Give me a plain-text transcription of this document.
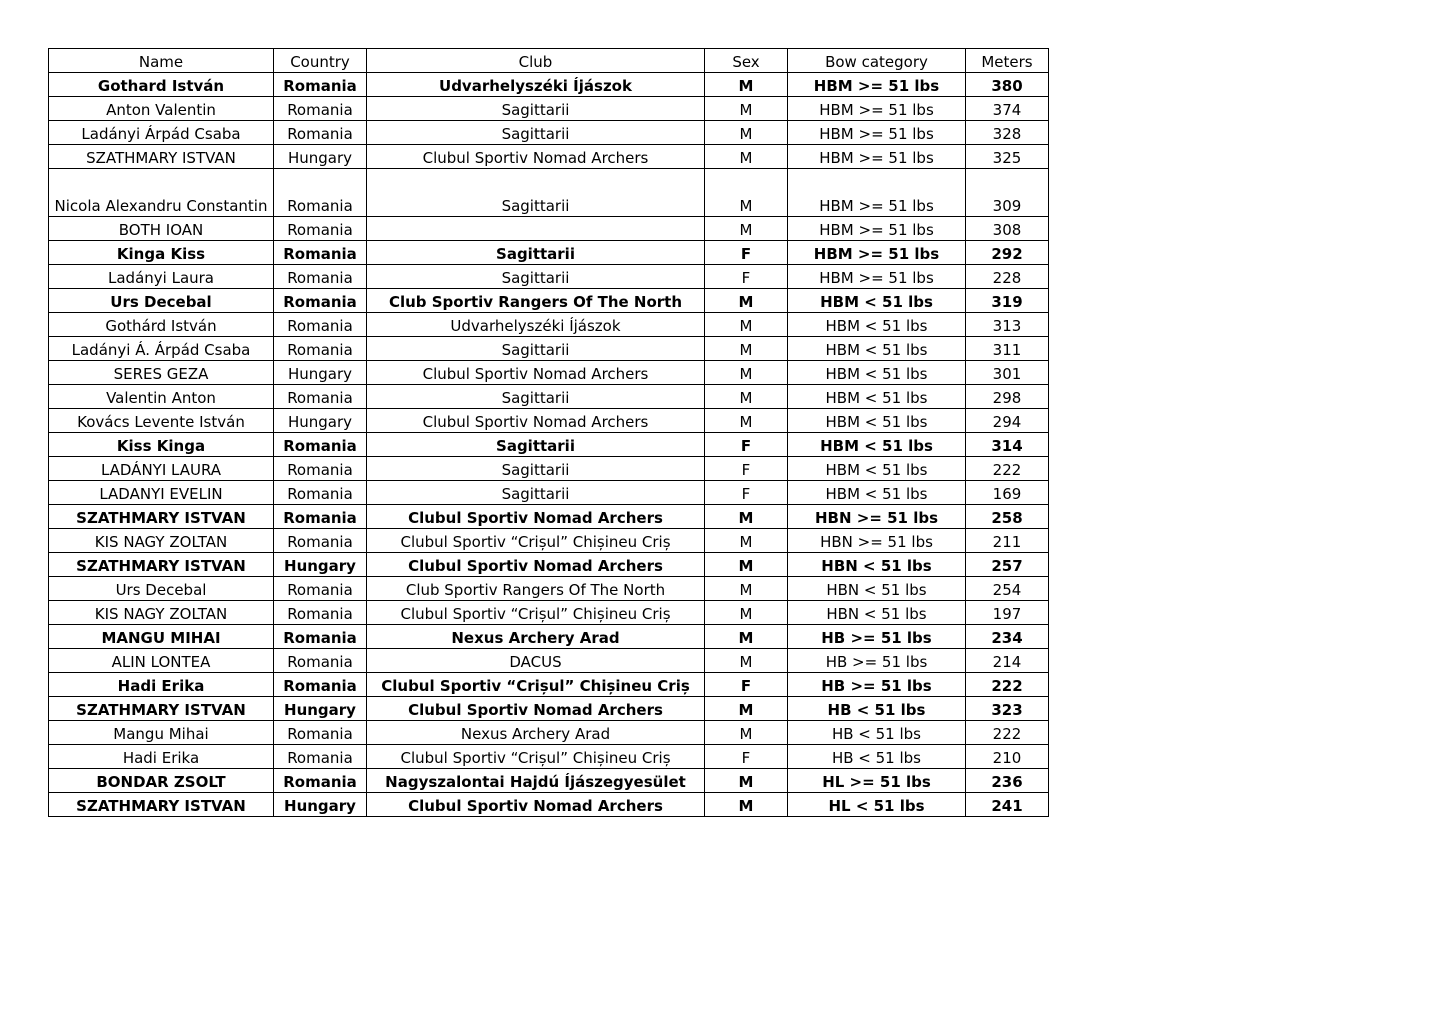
Name	Country	Club	Sex	Bow category	Meters
Gothard István	Romania	Udvarhelyszéki Íjászok	M	HBM >= 51 lbs	380
Anton Valentin	Romania	Sagittarii	M	HBM >= 51 lbs	374
Ladányi Árpád Csaba	Romania	Sagittarii	M	HBM >= 51 lbs	328
SZATHMARY ISTVAN	Hungary	Clubul Sportiv Nomad Archers	M	HBM >= 51 lbs	325
Nicola Alexandru Constantin	Romania	Sagittarii	M	HBM >= 51 lbs	309
BOTH IOAN	Romania		M	HBM >= 51 lbs	308
Kinga Kiss	Romania	Sagittarii	F	HBM >= 51 lbs	292
Ladányi Laura	Romania	Sagittarii	F	HBM >= 51 lbs	228
Urs Decebal	Romania	Club Sportiv Rangers Of The North	M	HBM < 51 lbs	319
Gothárd István	Romania	Udvarhelyszéki Íjászok	M	HBM < 51 lbs	313
Ladányi Á. Árpád Csaba	Romania	Sagittarii	M	HBM < 51 lbs	311
SERES GEZA	Hungary	Clubul Sportiv Nomad Archers	M	HBM < 51 lbs	301
Valentin Anton	Romania	Sagittarii	M	HBM < 51 lbs	298
Kovács Levente István	Hungary	Clubul Sportiv Nomad Archers	M	HBM < 51 lbs	294
Kiss Kinga	Romania	Sagittarii	F	HBM < 51 lbs	314
LADÁNYI LAURA	Romania	Sagittarii	F	HBM < 51 lbs	222
LADANYI EVELIN	Romania	Sagittarii	F	HBM < 51 lbs	169
SZATHMARY ISTVAN	Romania	Clubul Sportiv Nomad Archers	M	HBN >= 51 lbs	258
KIS NAGY ZOLTAN	Romania	Clubul Sportiv “Crișul” Chișineu Criș	M	HBN >= 51 lbs	211
SZATHMARY ISTVAN	Hungary	Clubul Sportiv Nomad Archers	M	HBN < 51 lbs	257
Urs Decebal	Romania	Club Sportiv Rangers Of The North	M	HBN < 51 lbs	254
KIS NAGY ZOLTAN	Romania	Clubul Sportiv “Crișul” Chișineu Criș	M	HBN < 51 lbs	197
MANGU MIHAI	Romania	Nexus Archery Arad	M	HB >= 51 lbs	234
ALIN LONTEA	Romania	DACUS	M	HB >= 51 lbs	214
Hadi Erika	Romania	Clubul Sportiv “Crișul” Chișineu Criș	F	HB >= 51 lbs	222
SZATHMARY ISTVAN	Hungary	Clubul Sportiv Nomad Archers	M	HB < 51 lbs	323
Mangu Mihai	Romania	Nexus Archery Arad	M	HB < 51 lbs	222
Hadi Erika	Romania	Clubul Sportiv “Crișul” Chișineu Criș	F	HB < 51 lbs	210
BONDAR ZSOLT	Romania	Nagyszalontai Hajdú Íjászegyesület	M	HL >= 51 lbs	236
SZATHMARY ISTVAN	Hungary	Clubul Sportiv Nomad Archers	M	HL < 51 lbs	241
